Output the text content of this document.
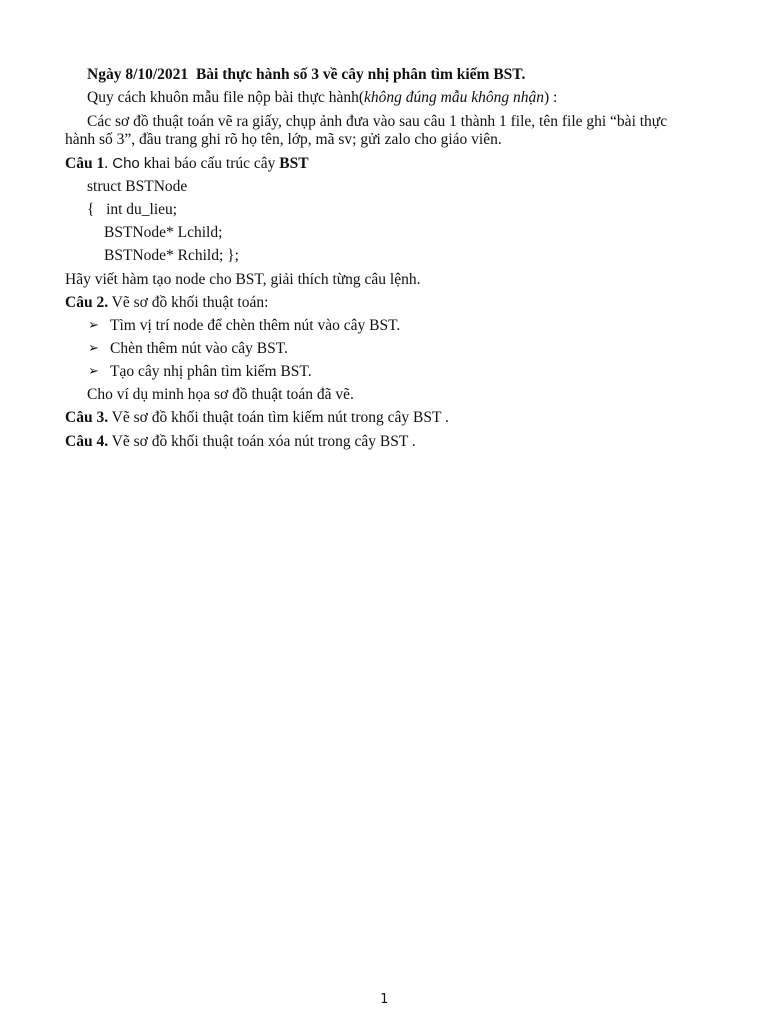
Ngày 8/10/2021 Bài thực hành số 3 về cây nhị phân tìm kiếm BST.
Quy cách khuôn mẫu file nộp bài thực hành(không đúng mẫu không nhận) :
Các sơ đồ thuật toán vẽ ra giấy, chụp ảnh đưa vào sau câu 1 thành 1 file, tên file ghi “bài thực
hành số 3”, đầu trang ghi rõ họ tên, lớp, mã sv; gửi zalo cho giáo viên.
Câu 1. Cho khai báo cấu trúc cây BST
struct BSTNode
{   int du_lieu;
BSTNode* Lchild;
BSTNode* Rchild; };
Hãy viết hàm tạo node cho BST, giải thích từng câu lệnh.
Câu 2. Vẽ sơ đồ khối thuật toán:
➢ Tìm vị trí node để chèn thêm nút vào cây BST.
➢ Chèn thêm nút vào cây BST.
➢ Tạo cây nhị phân tìm kiếm BST.
Cho ví dụ minh họa sơ đồ thuật toán đã vẽ.
Câu 3. Vẽ sơ đồ khối thuật toán tìm kiếm nút trong cây BST .
Câu 4. Vẽ sơ đồ khối thuật toán xóa nút trong cây BST .
1
